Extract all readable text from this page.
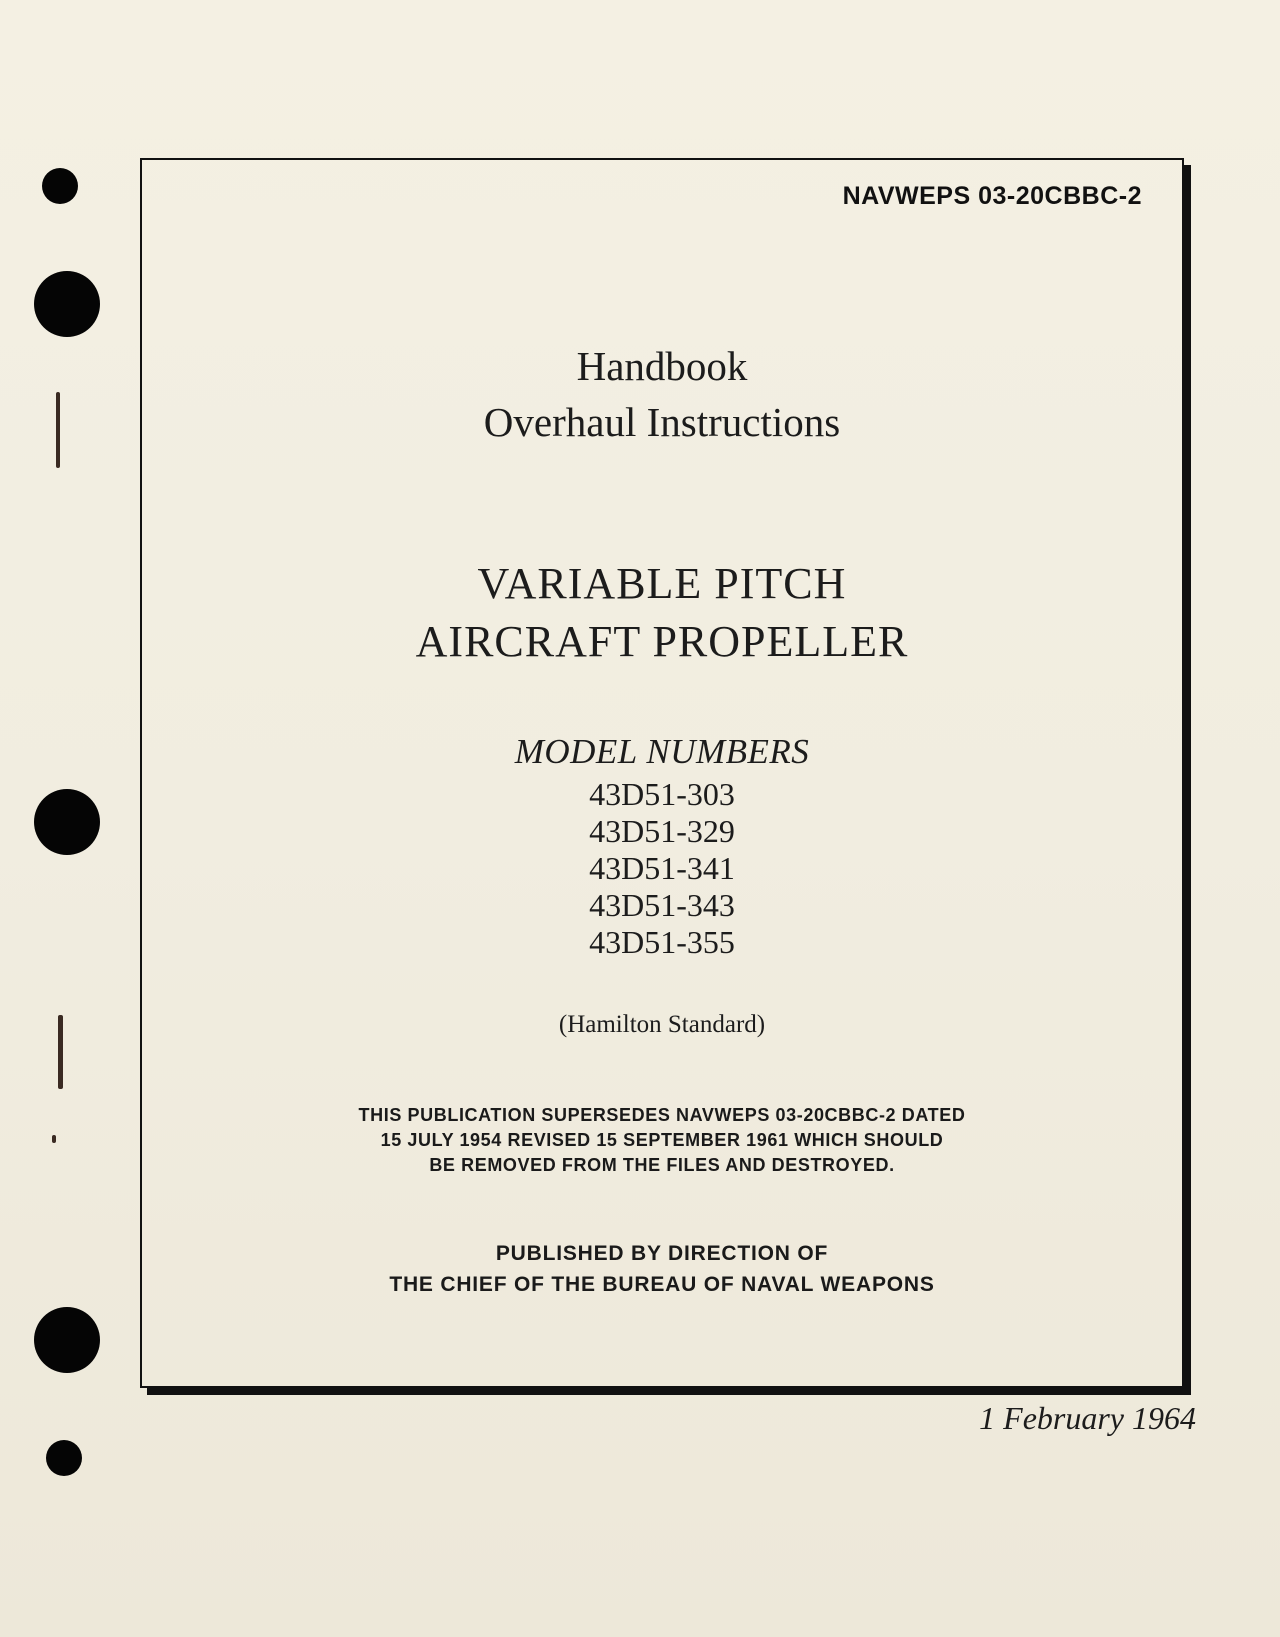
NAVWEPS 03-20CBBC-2
Handbook
Overhaul Instructions
VARIABLE PITCH
AIRCRAFT PROPELLER
MODEL NUMBERS
43D51-303
43D51-329
43D51-341
43D51-343
43D51-355
(Hamilton Standard)
THIS PUBLICATION SUPERSEDES NAVWEPS 03-20CBBC-2 DATED
15 JULY 1954 REVISED 15 SEPTEMBER 1961 WHICH SHOULD
BE REMOVED FROM THE FILES AND DESTROYED.
PUBLISHED BY DIRECTION OF
THE CHIEF OF THE BUREAU OF NAVAL WEAPONS
1 February 1964
